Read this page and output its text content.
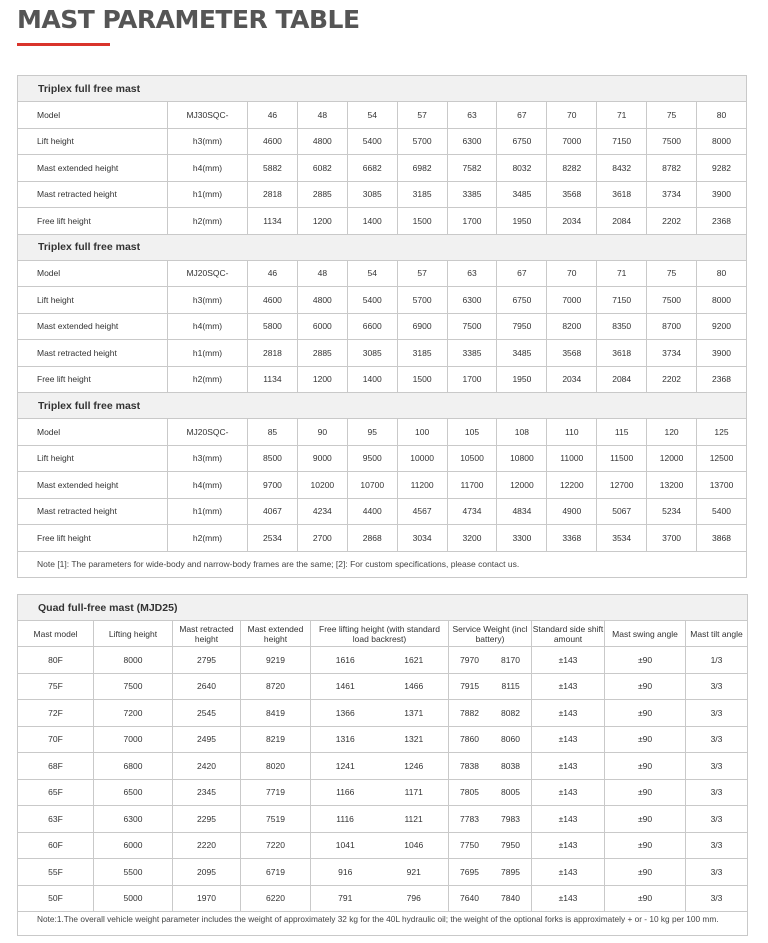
MAST PARAMETER TABLE
Triplex full free mast											
Model	MJ30SQC-	46	48	54	57	63	67	70	71	75	80
Lift height	h3(mm)	4600	4800	5400	5700	6300	6750	7000	7150	7500	8000
Mast extended height	h4(mm)	5882	6082	6682	6982	7582	8032	8282	8432	8782	9282
Mast retracted height	h1(mm)	2818	2885	3085	3185	3385	3485	3568	3618	3734	3900
Free lift height	h2(mm)	1134	1200	1400	1500	1700	1950	2034	2084	2202	2368
Triplex full free mast											
Model	MJ20SQC-	46	48	54	57	63	67	70	71	75	80
Lift height	h3(mm)	4600	4800	5400	5700	6300	6750	7000	7150	7500	8000
Mast extended height	h4(mm)	5800	6000	6600	6900	7500	7950	8200	8350	8700	9200
Mast retracted height	h1(mm)	2818	2885	3085	3185	3385	3485	3568	3618	3734	3900
Free lift height	h2(mm)	1134	1200	1400	1500	1700	1950	2034	2084	2202	2368
Triplex full free mast											
Model	MJ20SQC-	85	90	95	100	105	108	110	115	120	125
Lift height	h3(mm)	8500	9000	9500	10000	10500	10800	11000	11500	12000	12500
Mast extended height	h4(mm)	9700	10200	10700	11200	11700	12000	12200	12700	13200	13700
Mast retracted height	h1(mm)	4067	4234	4400	4567	4734	4834	4900	5067	5234	5400
Free lift height	h2(mm)	2534	2700	2868	3034	3200	3300	3368	3534	3700	3868
Note [1]: The parameters for wide-body and narrow-body frames are the same; [2]: For custom specifications, please contact us.											
Quad full-free mast (MJD25)								
Mast model	Lifting height	Mast retracted height	Mast extended height	Free lifting height (with standard load backrest)	Service Weight (incl battery)	Standard side shift amount	Mast swing angle	Mast tilt angle
80F	8000	2795	9219	1616 1621	7970 8170	±143	±90	1/3
75F	7500	2640	8720	1461 1466	7915 8115	±143	±90	3/3
72F	7200	2545	8419	1366 1371	7882 8082	±143	±90	3/3
70F	7000	2495	8219	1316 1321	7860 8060	±143	±90	3/3
68F	6800	2420	8020	1241 1246	7838 8038	±143	±90	3/3
65F	6500	2345	7719	1166 1171	7805 8005	±143	±90	3/3
63F	6300	2295	7519	1116 1121	7783 7983	±143	±90	3/3
60F	6000	2220	7220	1041 1046	7750 7950	±143	±90	3/3
55F	5500	2095	6719	916 921	7695 7895	±143	±90	3/3
50F	5000	1970	6220	791 796	7640 7840	±143	±90	3/3
Note:1.The overall vehicle weight parameter includes the weight of approximately 32 kg for the 40L hydraulic oil; the weight of the optional forks is approximately + or - 10 kg per 100 mm.								
